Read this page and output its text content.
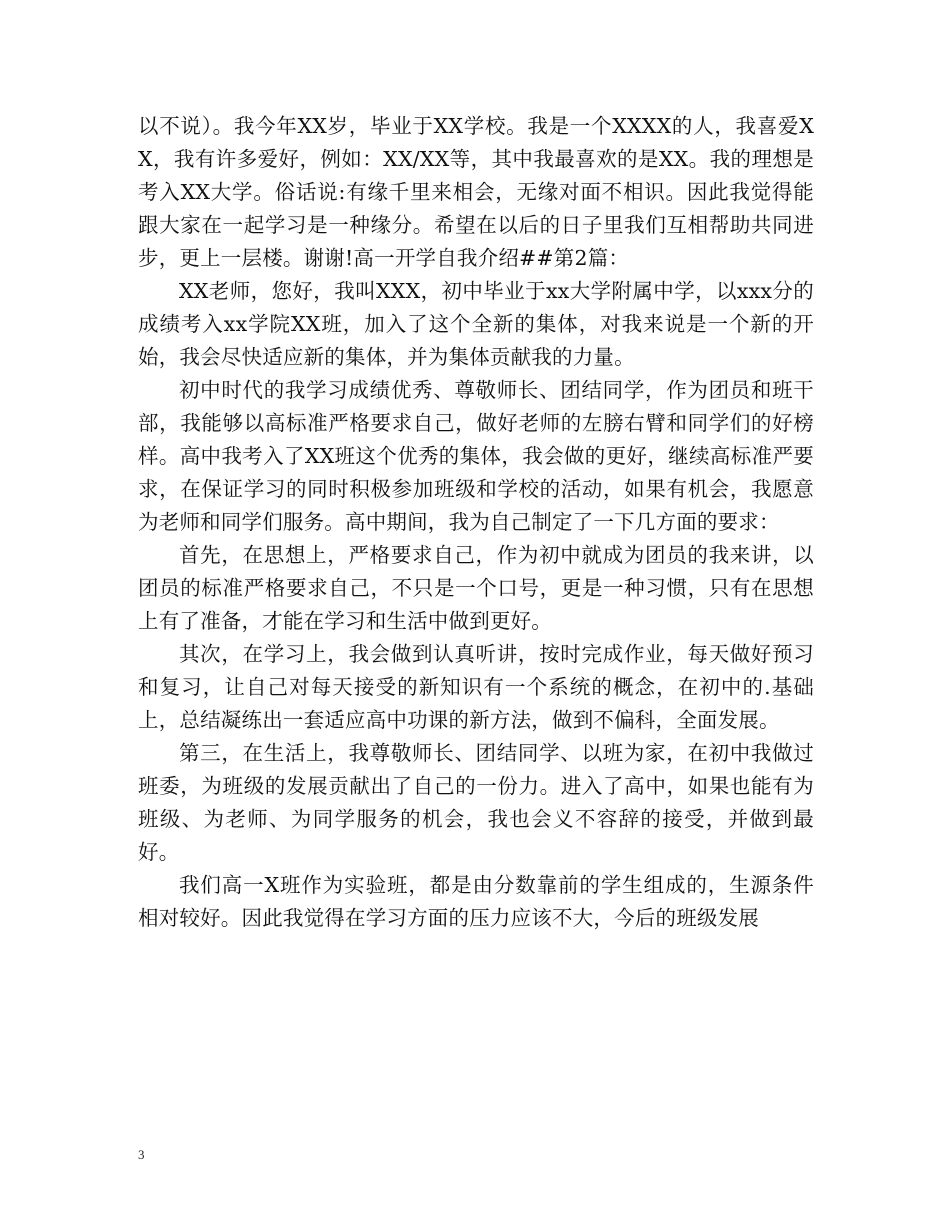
以不说）。我今年XX岁，毕业于XX学校。我是一个XXXX的人，我喜爱XX，我有许多爱好，例如：XX/XX等，其中我最喜欢的是XX。我的理想是考入XX大学。俗话说:有缘千里来相会，无缘对面不相识。因此我觉得能跟大家在一起学习是一种缘分。希望在以后的日子里我们互相帮助共同进步，更上一层楼。谢谢!高一开学自我介绍##第2篇：

XX老师，您好，我叫XXX，初中毕业于xx大学附属中学，以xxx分的成绩考入xx学院XX班，加入了这个全新的集体，对我来说是一个新的开始，我会尽快适应新的集体，并为集体贡献我的力量。

初中时代的我学习成绩优秀、尊敬师长、团结同学，作为团员和班干部，我能够以高标准严格要求自己，做好老师的左膀右臂和同学们的好榜样。高中我考入了XX班这个优秀的集体，我会做的更好，继续高标准严要求，在保证学习的同时积极参加班级和学校的活动，如果有机会，我愿意为老师和同学们服务。高中期间，我为自己制定了一下几方面的要求：

首先，在思想上，严格要求自己，作为初中就成为团员的我来讲，以团员的标准严格要求自己，不只是一个口号，更是一种习惯，只有在思想上有了准备，才能在学习和生活中做到更好。

其次，在学习上，我会做到认真听讲，按时完成作业，每天做好预习和复习，让自己对每天接受的新知识有一个系统的概念，在初中的.基础上，总结凝练出一套适应高中功课的新方法，做到不偏科，全面发展。

第三，在生活上，我尊敬师长、团结同学、以班为家，在初中我做过班委，为班级的发展贡献出了自己的一份力。进入了高中，如果也能有为班级、为老师、为同学服务的机会，我也会义不容辞的接受，并做到最好。

我们高一X班作为实验班，都是由分数靠前的学生组成的，生源条件相对较好。因此我觉得在学习方面的压力应该不大，今后的班级发展

3
